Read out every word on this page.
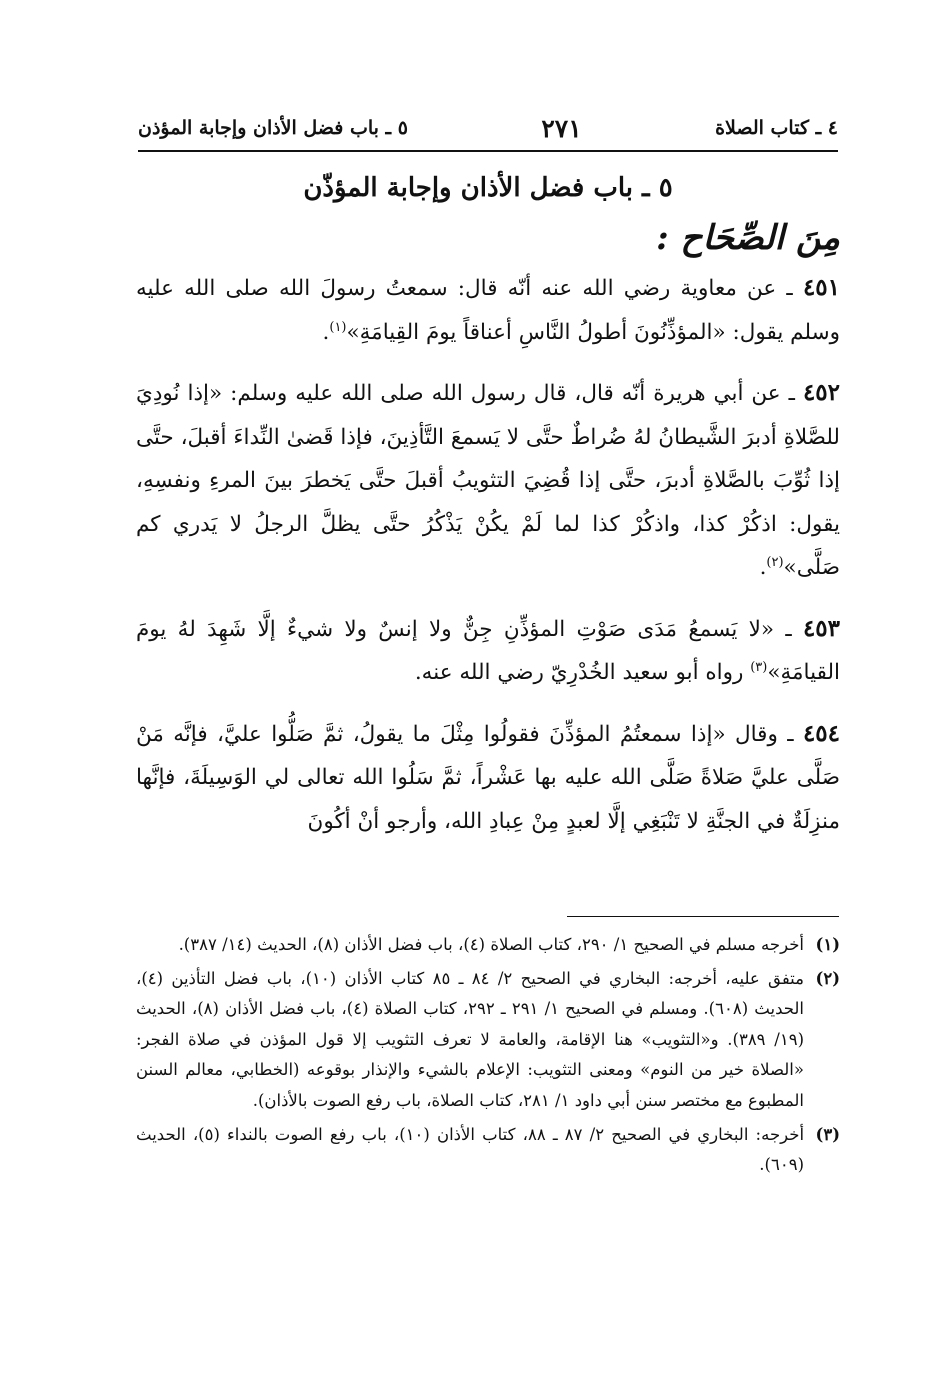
٤ ـ كتاب الصلاة
٢٧١
٥ ـ باب فضل الأذان وإجابة المؤذن
٥ ـ باب فضل الأذان وإجابة المؤذّن
مِنَ الصِّحَاح :

٤٥١ ـ عن معاوية رضي الله عنه أنّه قال: سمعتُ رسولَ الله صلى الله عليه وسلم يقول: «المؤذِّنُونَ أطولُ النَّاسِ أعناقاً يومَ القِيامَةِ»$^{(١)}$.

٤٥٢ ـ عن أبي هريرة أنّه قال، قال رسول الله صلى الله عليه وسلم: «إذا نُودِيَ للصَّلاةِ أدبرَ الشَّيطانُ لهُ ضُراطٌ حتَّى لا يَسمعَ التَّأذِينَ، فإذا قَضىٰ النِّداءَ أقبلَ، حتَّى إذا ثُوِّبَ بالصَّلاةِ أدبرَ، حتَّى إذا قُضِيَ التثويبُ أقبلَ حتَّى يَخطرَ بينَ المرءِ ونفسِهِ، يقول: اذكُرْ كذا، واذكُرْ كذا لما لَمْ يكُنْ يَذْكُرُ حتَّى يظلَّ الرجلُ لا يَدري كم صَلَّى»$^{(٢)}$.

٤٥٣ ـ «لا يَسمعُ مَدَى صَوْتِ المؤذِّنِ جِنٌّ ولا إنسٌ ولا شيءٌ إلَّا شَهِدَ لهُ يومَ القيامَةِ»$^{(٣)}$ رواه أبو سعيد الخُدْرِيّ رضي الله عنه.

٤٥٤ ـ وقال «إذا سمعتُمُ المؤذِّنَ فقولُوا مِثْلَ ما يقولُ، ثمَّ صَلُّوا عليَّ، فإنَّه مَنْ صَلَّى عليَّ صَلاةً صَلَّى الله عليه بها عَشْراً، ثمَّ سَلُوا الله تعالى لي الوَسِيلَةَ، فإنَّها منزِلَةٌ في الجنَّةِ لا تَنْبَغِي إلَّا لعبدٍ مِنْ عِبادِ الله، وأرجو أنْ أكُونَ

(١)
أخرجه مسلم في الصحيح ١/ ٢٩٠، كتاب الصلاة (٤)، باب فضل الأذان (٨)، الحديث (١٤/ ٣٨٧).
(٢)
متفق عليه، أخرجه: البخاري في الصحيح ٢/ ٨٤ ـ ٨٥ كتاب الأذان (١٠)، باب فضل التأذين (٤)، الحديث (٦٠٨). ومسلم في الصحيح ١/ ٢٩١ ـ ٢٩٢، كتاب الصلاة (٤)، باب فضل الأذان (٨)، الحديث (١٩/ ٣٨٩). و«التثويب» هنا الإقامة، والعامة لا تعرف التثويب إلا قول المؤذن في صلاة الفجر: «الصلاة خير من النوم» ومعنى التثويب: الإعلام بالشيء والإنذار بوقوعه (الخطابي، معالم السنن المطبوع مع مختصر سنن أبي داود ١/ ٢٨١، كتاب الصلاة، باب رفع الصوت بالأذان).
(٣)
أخرجه: البخاري في الصحيح ٢/ ٨٧ ـ ٨٨، كتاب الأذان (١٠)، باب رفع الصوت بالنداء (٥)، الحديث (٦٠٩).
